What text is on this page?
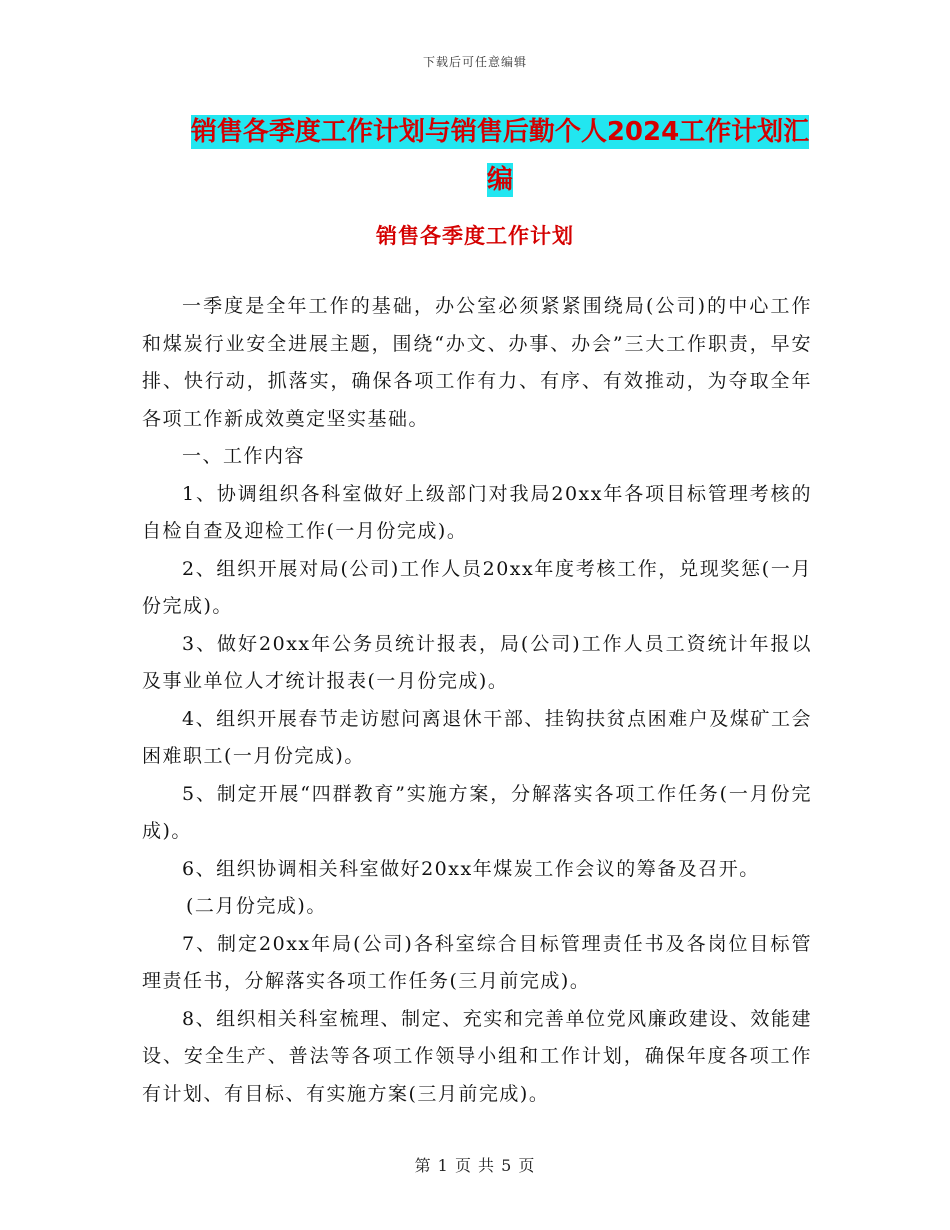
下载后可任意编辑
销售各季度工作计划与销售后勤个人2024工作计划汇编
销售各季度工作计划

一季度是全年工作的基础，办公室必须紧紧围绕局(公司)的中心工作和煤炭行业安全进展主题，围绕“办文、办事、办会”三大工作职责，早安排、快行动，抓落实，确保各项工作有力、有序、有效推动，为夺取全年各项工作新成效奠定坚实基础。

一、工作内容

1、协调组织各科室做好上级部门对我局20xx年各项目标管理考核的自检自查及迎检工作(一月份完成)。

2、组织开展对局(公司)工作人员20xx年度考核工作，兑现奖惩(一月份完成)。

3、做好20xx年公务员统计报表，局(公司)工作人员工资统计年报以及事业单位人才统计报表(一月份完成)。

4、组织开展春节走访慰问离退休干部、挂钩扶贫点困难户及煤矿工会困难职工(一月份完成)。

5、制定开展“四群教育”实施方案，分解落实各项工作任务(一月份完成)。

6、组织协调相关科室做好20xx年煤炭工作会议的筹备及召开。

(二月份完成)。

7、制定20xx年局(公司)各科室综合目标管理责任书及各岗位目标管理责任书，分解落实各项工作任务(三月前完成)。

8、组织相关科室梳理、制定、充实和完善单位党风廉政建设、效能建设、安全生产、普法等各项工作领导小组和工作计划，确保年度各项工作有计划、有目标、有实施方案(三月前完成)。

第 1 页 共 5 页
